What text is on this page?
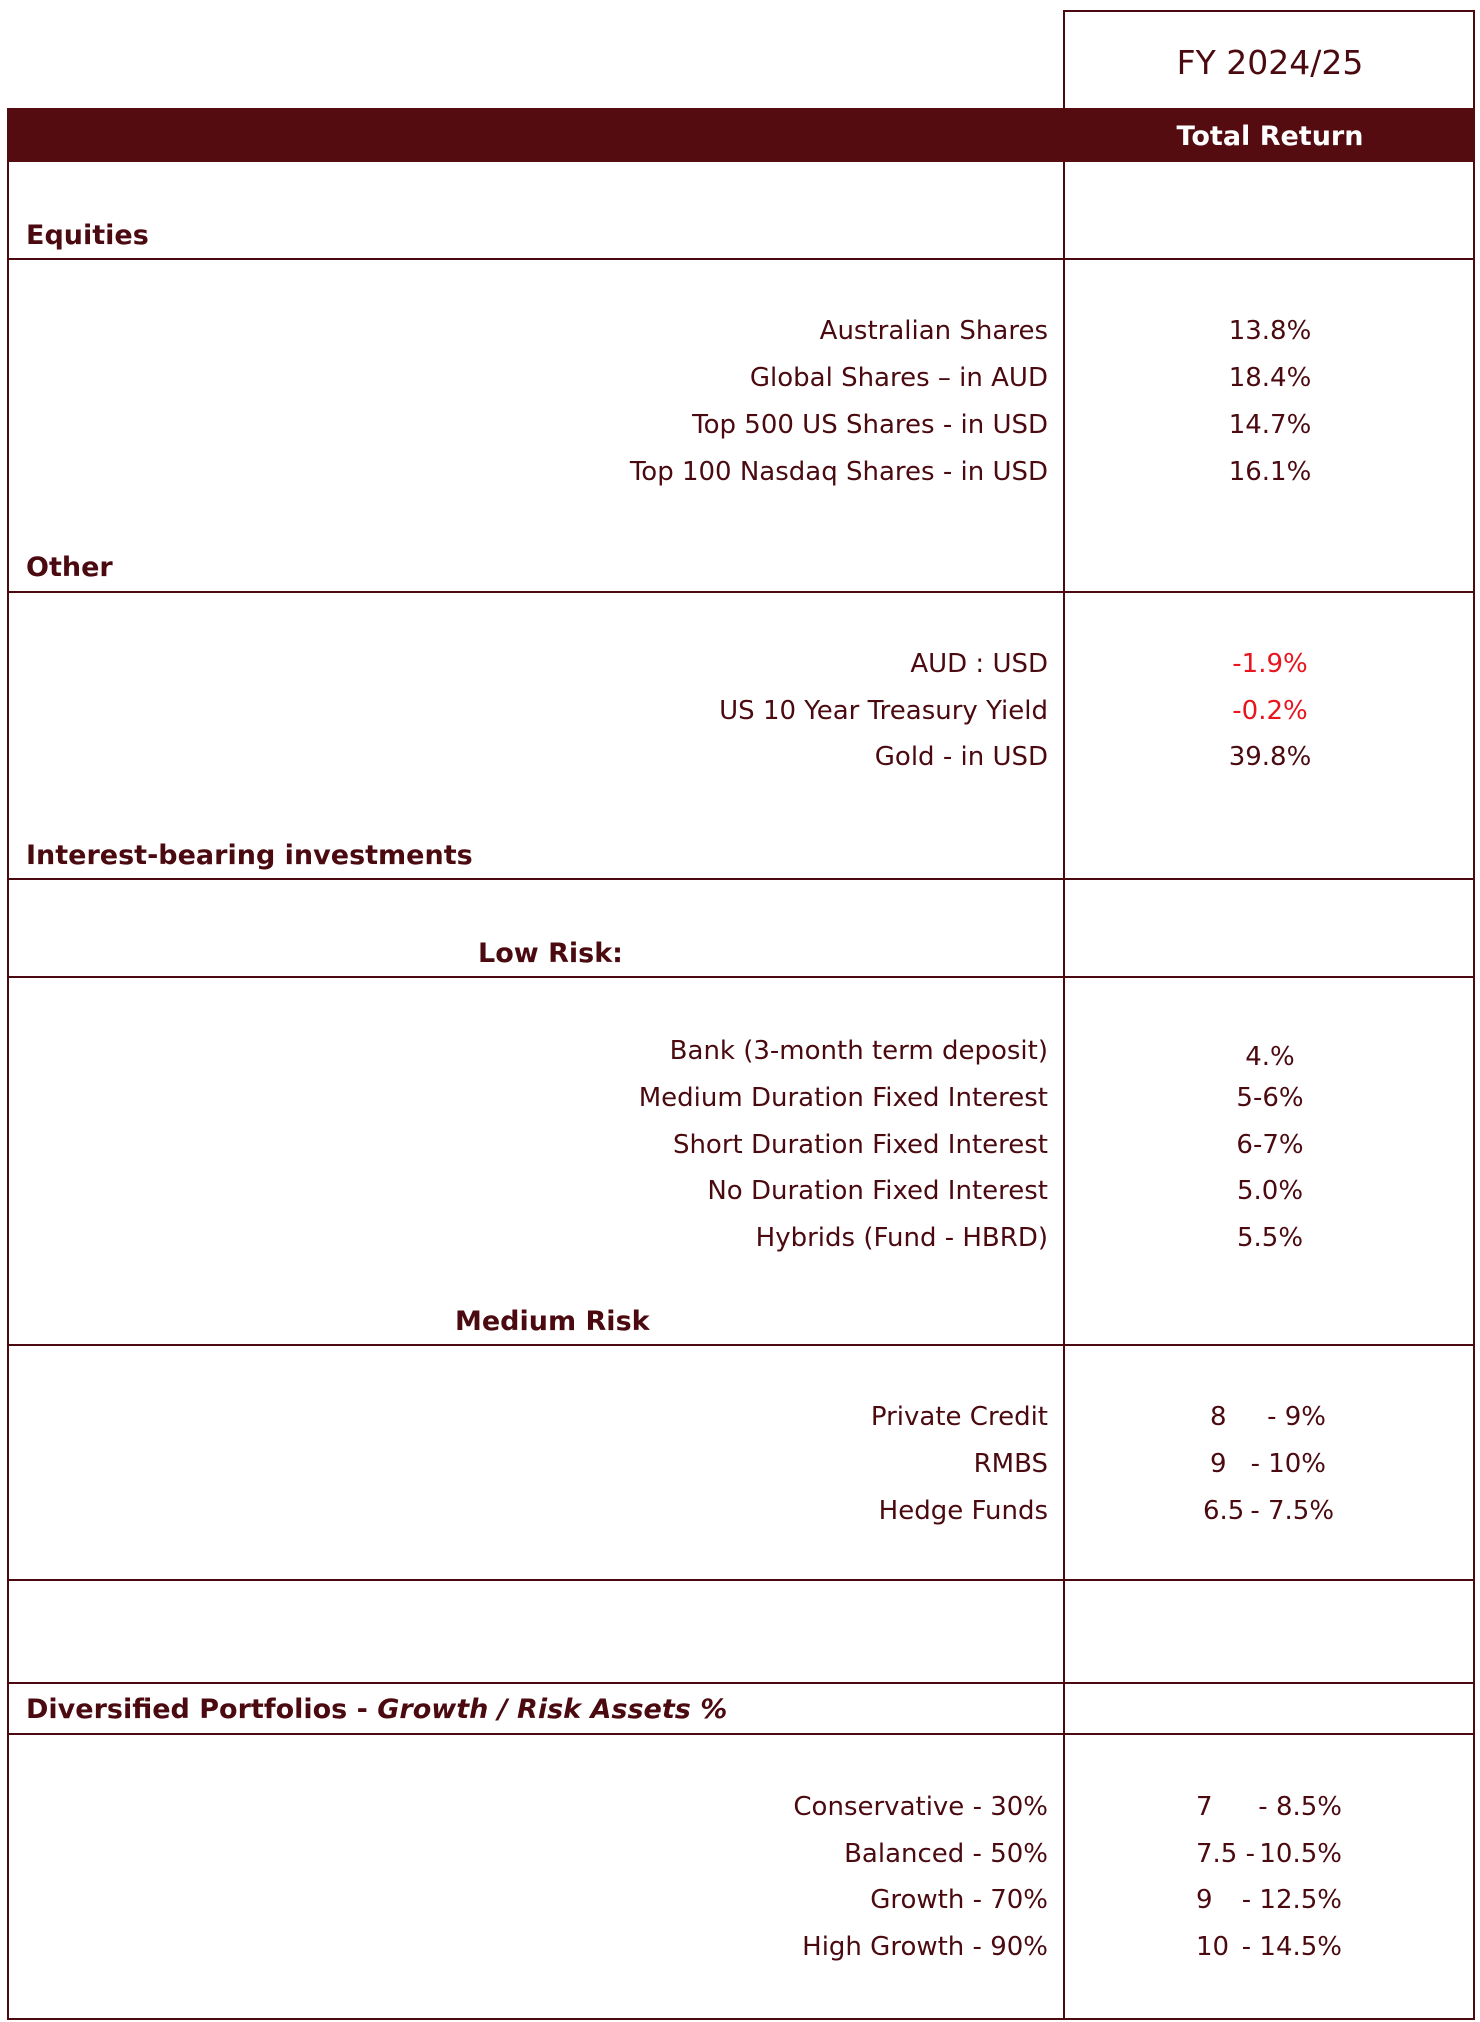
FY 2024/25
Total Return
Equities
Australian Shares	13.8%
Global Shares – in AUD	18.4%
Top 500 US Shares - in USD	14.7%
Top 100 Nasdaq Shares - in USD	16.1%
Other
AUD : USD	-1.9%
US 10 Year Treasury Yield	-0.2%
Gold - in USD	39.8%
Interest-bearing investments
Low Risk:
Bank (3-month term deposit)	4.%
Medium Duration Fixed Interest	5-6%
Short Duration Fixed Interest	6-7%
No Duration Fixed Interest	5.0%
Hybrids (Fund - HBRD)	5.5%
Medium Risk
Private Credit	8 - 9%
RMBS	9 - 10%
Hedge Funds	6.5 - 7.5%
Diversified Portfolios - Growth / Risk Assets %
Conservative - 30%	7 - 8.5%
Balanced - 50%	7.5 - 10.5%
Growth - 70%	9 - 12.5%
High Growth - 90%	10 - 14.5%
